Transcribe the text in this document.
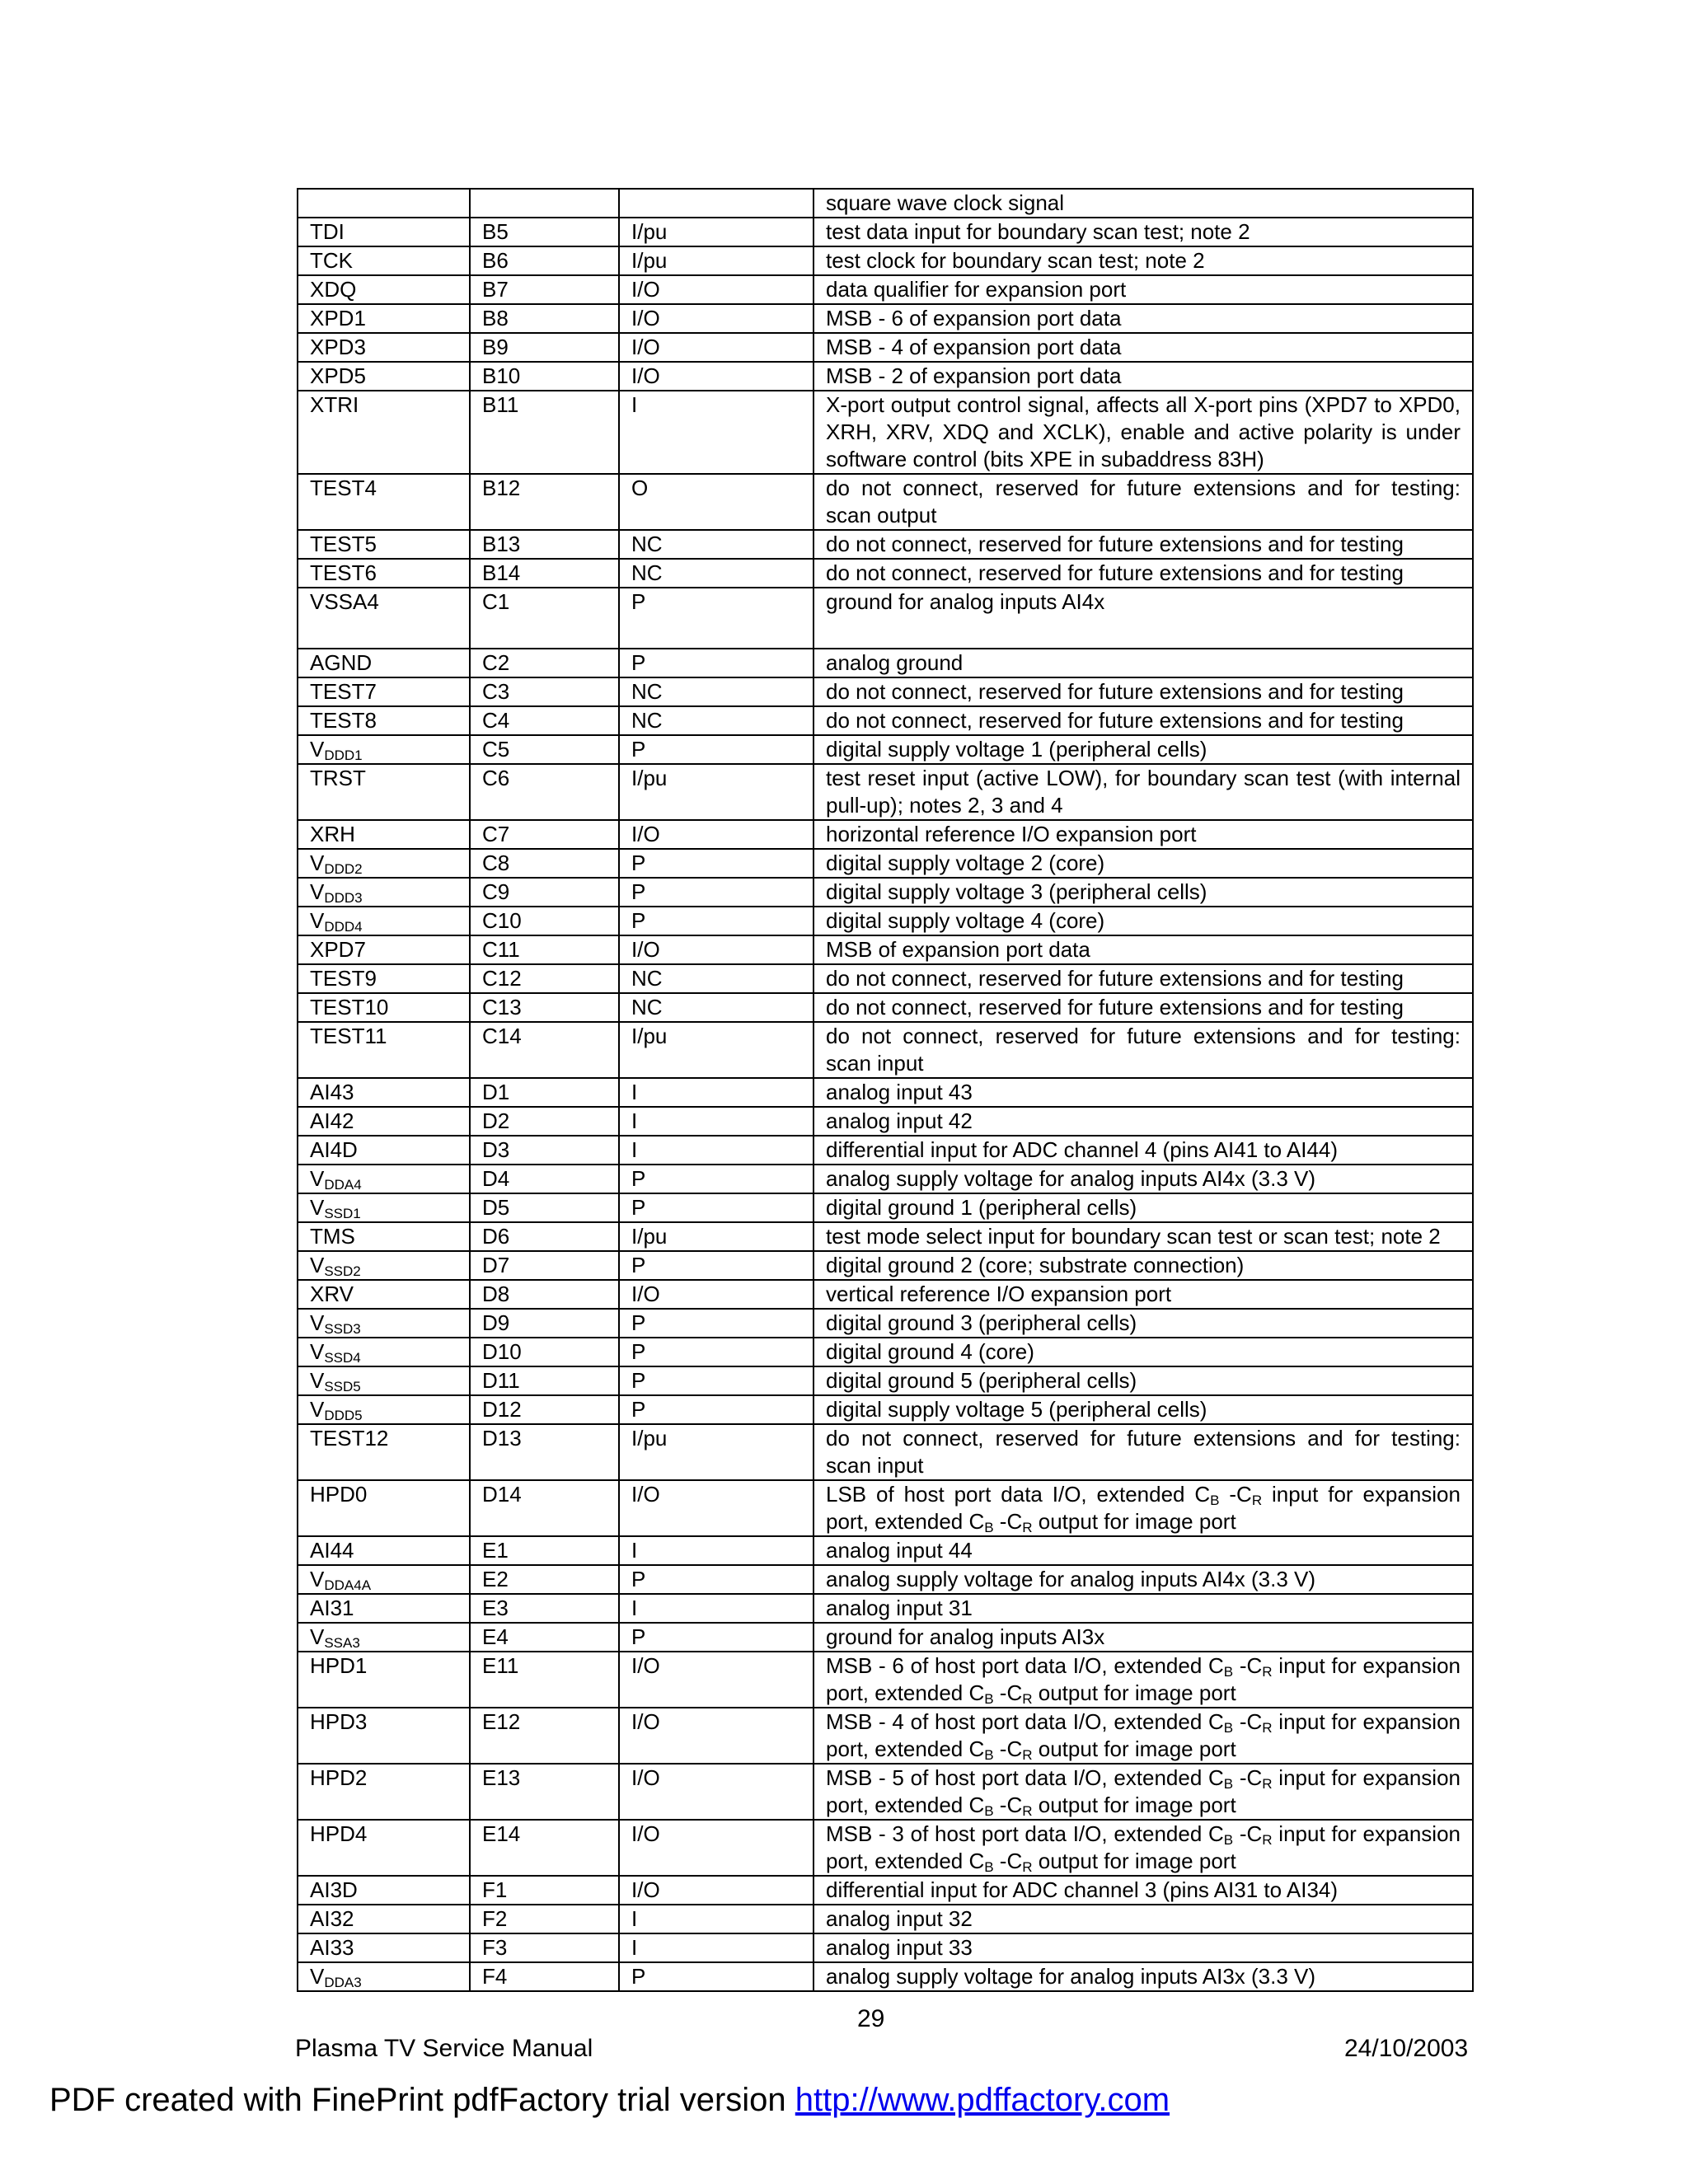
			square wave clock signal
TDI	B5	I/pu	test data input for boundary scan test; note 2
TCK	B6	I/pu	test clock for boundary scan test; note 2
XDQ	B7	I/O	data qualifier for expansion port
XPD1	B8	I/O	MSB - 6 of expansion port data
XPD3	B9	I/O	MSB - 4 of expansion port data
XPD5	B10	I/O	MSB - 2 of expansion port data
XTRI	B11	I	X-port output control signal, affects all X-port pins (XPD7 to XPD0, XRH, XRV, XDQ and XCLK), enable and active polarity is under software control (bits XPE in subaddress 83H)
TEST4	B12	O	do not connect, reserved for future extensions and for testing: scan output
TEST5	B13	NC	do not connect, reserved for future extensions and for testing
TEST6	B14	NC	do not connect, reserved for future extensions and for testing
VSSA4	C1	P	ground for analog inputs AI4x
AGND	C2	P	analog ground
TEST7	C3	NC	do not connect, reserved for future extensions and for testing
TEST8	C4	NC	do not connect, reserved for future extensions and for testing
$V_{DDD1}$	C5	P	digital supply voltage 1 (peripheral cells)
TRST	C6	I/pu	test reset input (active LOW), for boundary scan test (with internal pull-up); notes 2, 3 and 4
XRH	C7	I/O	horizontal reference I/O expansion port
$V_{DDD2}$	C8	P	digital supply voltage 2 (core)
$V_{DDD3}$	C9	P	digital supply voltage 3 (peripheral cells)
$V_{DDD4}$	C10	P	digital supply voltage 4 (core)
XPD7	C11	I/O	MSB of expansion port data
TEST9	C12	NC	do not connect, reserved for future extensions and for testing
TEST10	C13	NC	do not connect, reserved for future extensions and for testing
TEST11	C14	I/pu	do not connect, reserved for future extensions and for testing: scan input
AI43	D1	I	analog input 43
AI42	D2	I	analog input 42
AI4D	D3	I	differential input for ADC channel 4 (pins AI41 to AI44)
$V_{DDA4}$	D4	P	analog supply voltage for analog inputs AI4x (3.3 V)
$V_{SSD1}$	D5	P	digital ground 1 (peripheral cells)
TMS	D6	I/pu	test mode select input for boundary scan test or scan test; note 2
$V_{SSD2}$	D7	P	digital ground 2 (core; substrate connection)
XRV	D8	I/O	vertical reference I/O expansion port
$V_{SSD3}$	D9	P	digital ground 3 (peripheral cells)
$V_{SSD4}$	D10	P	digital ground 4 (core)
$V_{SSD5}$	D11	P	digital ground 5 (peripheral cells)
$V_{DDD5}$	D12	P	digital supply voltage 5 (peripheral cells)
TEST12	D13	I/pu	do not connect, reserved for future extensions and for testing: scan input
HPD0	D14	I/O	LSB of host port data I/O, extended $C_B$ $-C_R$ input for expansion port, extended $C_B$ $-C_R$ output for image port
AI44	E1	I	analog input 44
$V_{DDA4A}$	E2	P	analog supply voltage for analog inputs AI4x (3.3 V)
AI31	E3	I	analog input 31
$V_{SSA3}$	E4	P	ground for analog inputs AI3x
HPD1	E11	I/O	MSB - 6 of host port data I/O, extended $C_B$ $-C_R$ input for expansion port, extended $C_B$ $-C_R$ output for image port
HPD3	E12	I/O	MSB - 4 of host port data I/O, extended $C_B$ $-C_R$ input for expansion port, extended $C_B$ $-C_R$ output for image port
HPD2	E13	I/O	MSB - 5 of host port data I/O, extended $C_B$ $-C_R$ input for expansion port, extended $C_B$ $-C_R$ output for image port
HPD4	E14	I/O	MSB - 3 of host port data I/O, extended $C_B$ $-C_R$ input for expansion port, extended $C_B$ $-C_R$ output for image port
AI3D	F1	I/O	differential input for ADC channel 3 (pins AI31 to AI34)
AI32	F2	I	analog input 32
AI33	F3	I	analog input 33
$V_{DDA3}$	F4	P	analog supply voltage for analog inputs AI3x (3.3 V)
29
Plasma TV Service Manual	24/10/2003
PDF created with FinePrint pdfFactory trial version http://www.pdffactory.com
